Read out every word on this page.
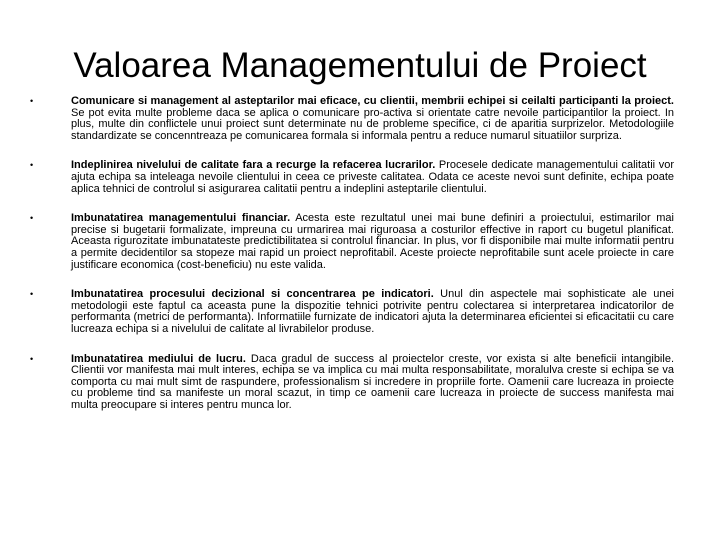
Valoarea Managementului de Proiect
•	Comunicare si management al asteptarilor mai eficace, cu clientii, membrii echipei si ceilalti participanti la proiect. Se pot evita multe probleme daca se aplica o comunicare pro-activa si orientate catre nevoile participantilor la proiect. In plus, multe din conflictele unui proiect sunt determinate nu de probleme specifice, ci de aparitia surprizelor. Metodologiile standardizate se concenntreaza pe comunicarea formala si informala pentru a reduce numarul situatiilor surpriza.
•	Indeplinirea nivelului de calitate fara a recurge la refacerea lucrarilor. Procesele dedicate managementului calitatii vor ajuta echipa sa inteleaga nevoile clientului in ceea ce priveste calitatea. Odata ce aceste nevoi sunt definite, echipa poate aplica tehnici de controlul si asigurarea calitatii pentru a indeplini asteptarile clientului.
•	Imbunatatirea managementului financiar. Acesta este rezultatul unei mai bune definiri a proiectului, estimarilor mai precise si bugetarii formalizate, impreuna cu urmarirea mai riguroasa a costurilor effective in raport cu bugetul planificat. Aceasta rigurozitate imbunatateste predictibilitatea si controlul financiar. In plus, vor fi disponibile mai multe informatii pentru a permite decidentilor sa stopeze mai rapid un proiect neprofitabil. Aceste proiecte neprofitabile sunt acele proiecte in care justificare economica (cost-beneficiu) nu este valida.
•	Imbunatatirea procesului decizional si concentrarea pe indicatori. Unul din aspectele mai sophisticate ale unei metodologii este faptul ca aceasta pune la dispozitie tehnici potrivite pentru colectarea si interpretarea indicatorilor de performanta (metrici de performanta). Informatiile furnizate de indicatori ajuta la determinarea eficientei si eficacitatii cu care lucreaza echipa si a nivelului de calitate al livrabilelor produse.
•	Imbunatatirea mediului de lucru. Daca gradul de success al proiectelor creste, vor exista si alte beneficii intangibile. Clientii vor manifesta mai mult interes, echipa se va implica cu mai multa responsabilitate, moralulva creste si echipa se va comporta cu mai mult simt de raspundere, professionalism si incredere in propriile forte. Oamenii care lucreaza in proiecte cu probleme tind sa manifeste un moral scazut, in timp ce oamenii care lucreaza in proiecte de success manifesta mai multa preocupare si interes pentru munca lor.
